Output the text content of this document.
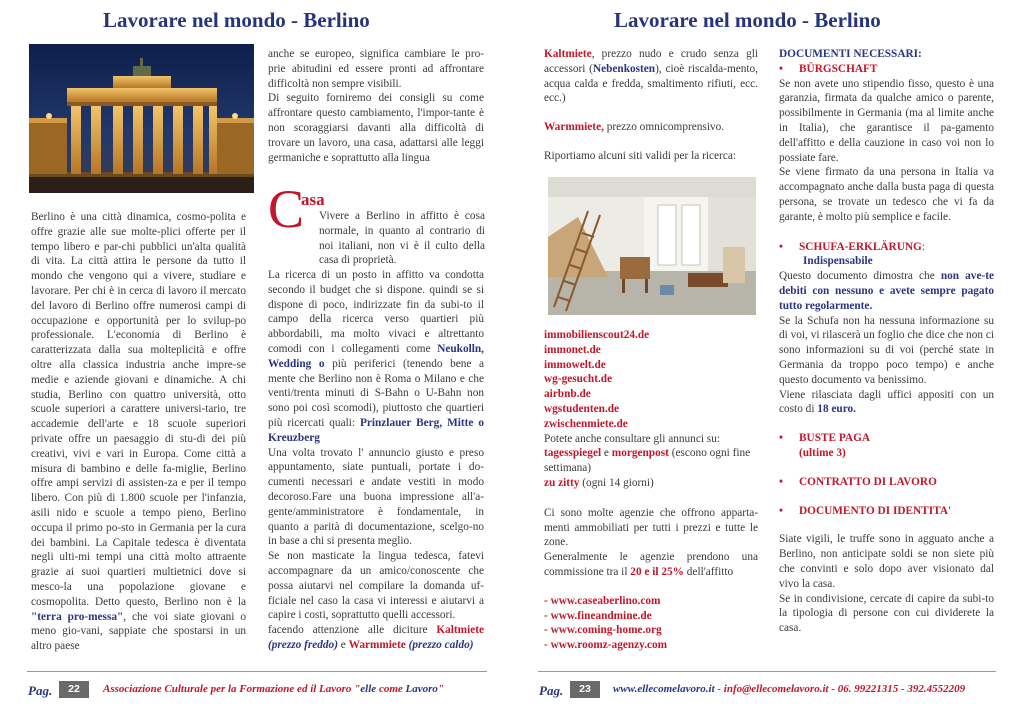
Lavorare nel mondo - Berlino

Berlino è una città dinamica, cosmo-polita e offre grazie alle sue molte-plici offerte per il tempo libero e par-chi pubblici un'alta qualità di vita. La città attira le persone da tutto il mondo che vengono qui a vivere, studiare e lavorare. Per chi è in cerca di lavoro il mercato del lavoro di Berlino offre numerosi campi di occupazione e opportunità per lo svilup-po professionale. L'economia di Berlino è caratterizzata dalla sua molteplicità e offre oltre alla classica industria anche impre-se medie e aziende giovani e dinamiche. A chi studia, Berlino con quattro università, otto scuole superiori a carattere universi-tario, tre accademie dell'arte e 18 scuole superiori private offre un paesaggio di stu-di dei più creativi, vivi e vari in Europa. Come città a misura di bambino e delle fa-miglie, Berlino offre ampi servizi di assisten-za e per il tempo libero. Con più di 1.800 scuole per l'infanzia, asili nido e scuole a tempo pieno, Berlino occupa il primo po-sto in Germania per la cura dei bambini. La Capitale tedesca è diventata negli ulti-mi tempi una città molto attraente grazie ai suoi quartieri multietnici dove si mesco-la una popolazione giovane e cosmopolita. Detto questo, Berlino non è la "terra pro-messa", che voi siate giovani o meno gio-vani, sappiate che spostarsi in un altro paese

anche se europeo, significa cambiare le pro-prie abitudini ed essere pronti ad affrontare difficoltà non sempre visibili.
Di seguito forniremo dei consigli su come affrontare questo cambiamento, l'impor-tante è non scoraggiarsi davanti alla difficoltà di trovare un lavoro, una casa, adattarsi alle leggi germaniche e soprattutto alla lingua
C
asa
Vivere a Berlino in affitto è cosa normale, in quanto al contrario di noi italiani, non vi è il culto della casa di proprietà.

La ricerca di un posto in affitto va condotta secondo il budget che si dispone. quindi se si dispone di poco, indirizzate fin da subi-to il campo della ricerca verso quartieri più abbordabili, ma molto vivaci e altrettanto comodi con i collegamenti come Neukolln, Wedding o più periferici (tenendo bene a mente che Berlino non è Roma o Milano e che venti/trenta minuti di S-Bahn o U-Bahn non sono poi così scomodi), piuttosto che quartieri più ricercati quali: Prinzlauer Berg, Mitte o Kreuzberg

Una volta trovato l' annuncio giusto e preso appuntamento, siate puntuali, portate i do-cumenti necessari e andate vestiti in modo decoroso.Fare una buona impressione all'a-gente/amministratore è fondamentale, in quanto a parità di documentazione, scelgo-no in base a chi si presenta meglio.
Se non masticate la lingua tedesca, fatevi accompagnare da un amico/conoscente che possa aiutarvi nel compilare la domanda uf-ficiale nel caso la casa vi interessi e aiutarvi a capire i costi, soprattutto quelli accessori.
facendo attenzione alle diciture Kaltmiete (prezzo freddo) e Warmmiete (prezzo caldo)

Pag.	22	Associazione Culturale per la Formazione ed il Lavoro "elle come Lavoro"
Lavorare nel mondo - Berlino

Kaltmiete, prezzo nudo e crudo senza gli accessori (Nebenkosten), cioè riscalda-mento, acqua calda e fredda, smaltimento rifiuti, ecc. ecc.)

Warmmiete, prezzo omnicomprensivo.

Riportiamo alcuni siti validi per la ricerca:

immobilienscout24.de
immonet.de
immowelt.de
wg-gesucht.de
airbnb.de
wgstudenten.de
zwischenmiete.de

Potete anche consultare gli annunci su:

tagesspiegel e morgenpost (escono ogni fine settimana)

zu zitty (ogni 14 giorni)

Ci sono molte agenzie che offrono apparta-menti ammobiliati per tutti i prezzi e tutte le zone.
Generalmente le agenzie prendono una commissione tra il 20 e il 25% dell'affitto

- www.caseaberlino.com
- www.fineandmine.de
- www.coming-home.org
- www.roomz-agenzy.com
DOCUMENTI NECESSARI:
• BÜRGSCHAFT

Se non avete uno stipendio fisso, questo è una garanzia, firmata da qualche amico o parente, possibilmente in Germania (ma al limite anche in Italia), che garantisce il pa-gamento dell'affitto e della cauzione in caso voi non lo possiate fare.
Se viene firmato da una persona in Italia va accompagnato anche dalla busta paga di questa persona, se trovate un tedesco che vi fa da garante, è molto più semplice e facile.

• SCHUFA-ERKLÄRUNG:
Indispensabile

Questo documento dimostra che non ave-te debiti con nessuno e avete sempre pagato tutto regolarmente.
Se la Schufa non ha nessuna informazione su di voi, vi rilascerà un foglio che dice che non ci sono informazioni su di voi (perché state in Germania da troppo poco tempo) e anche questo documento va benissimo.
Viene rilasciata dagli uffici appositi con un costo di 18 euro.

• BUSTE PAGA
(ultime 3)
• CONTRATTO DI LAVORO
• DOCUMENTO DI IDENTITA'

Siate vigili, le truffe sono in agguato anche a Berlino, non anticipate soldi se non siete più che convinti e solo dopo aver visionato dal vivo la casa.
Se in condivisione, cercate di capire da subi-to la tipologia di persone con cui dividerete la casa.

Pag.	23	www.ellecomelavoro.it - info@ellecomelavoro.it - 06. 99221315 - 392.4552209
